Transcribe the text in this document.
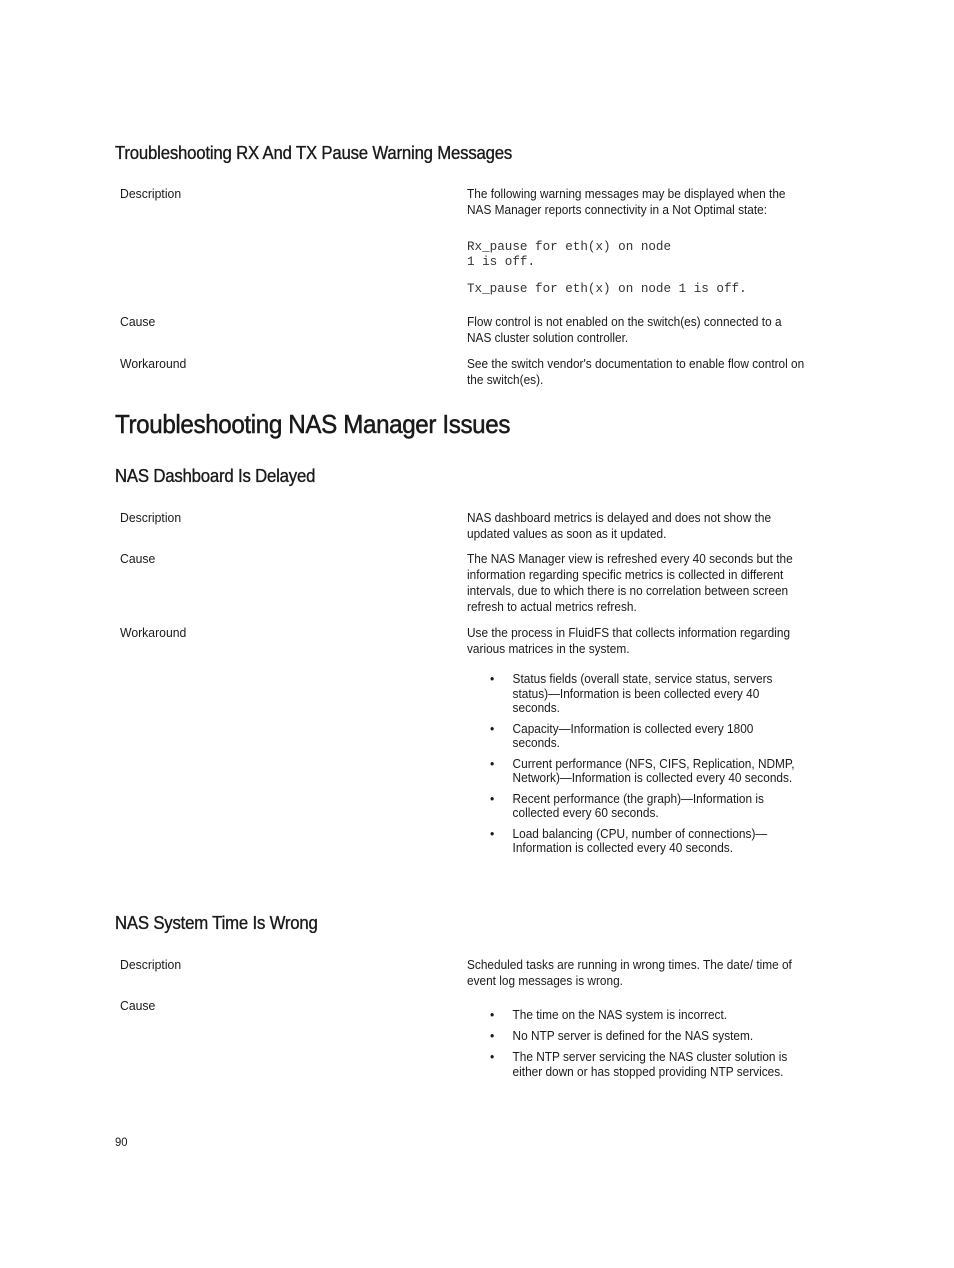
Troubleshooting RX And TX Pause Warning Messages
Description	The following warning messages may be displayed when the NAS Manager reports connectivity in a Not Optimal state:
Rx_pause for eth(x) on node
1 is off.
Tx_pause for eth(x) on node 1 is off.
Cause	Flow control is not enabled on the switch(es) connected to a NAS cluster solution controller.
Workaround	See the switch vendor's documentation to enable flow control on the switch(es).
Troubleshooting NAS Manager Issues
NAS Dashboard Is Delayed
Description	NAS dashboard metrics is delayed and does not show the updated values as soon as it updated.
Cause	The NAS Manager view is refreshed every 40 seconds but the information regarding specific metrics is collected in different intervals, due to which there is no correlation between screen refresh to actual metrics refresh.
Workaround	Use the process in FluidFS that collects information regarding various matrices in the system.
• Status fields (overall state, service status, servers status)—Information is been collected every 40 seconds.
• Capacity—Information is collected every 1800 seconds.
• Current performance (NFS, CIFS, Replication, NDMP, Network)—Information is collected every 40 seconds.
• Recent performance (the graph)—Information is collected every 60 seconds.
• Load balancing (CPU, number of connections)—Information is collected every 40 seconds.
NAS System Time Is Wrong
Description	Scheduled tasks are running in wrong times. The date/ time of event log messages is wrong.
Cause
• The time on the NAS system is incorrect.
• No NTP server is defined for the NAS system.
• The NTP server servicing the NAS cluster solution is either down or has stopped providing NTP services.
90
